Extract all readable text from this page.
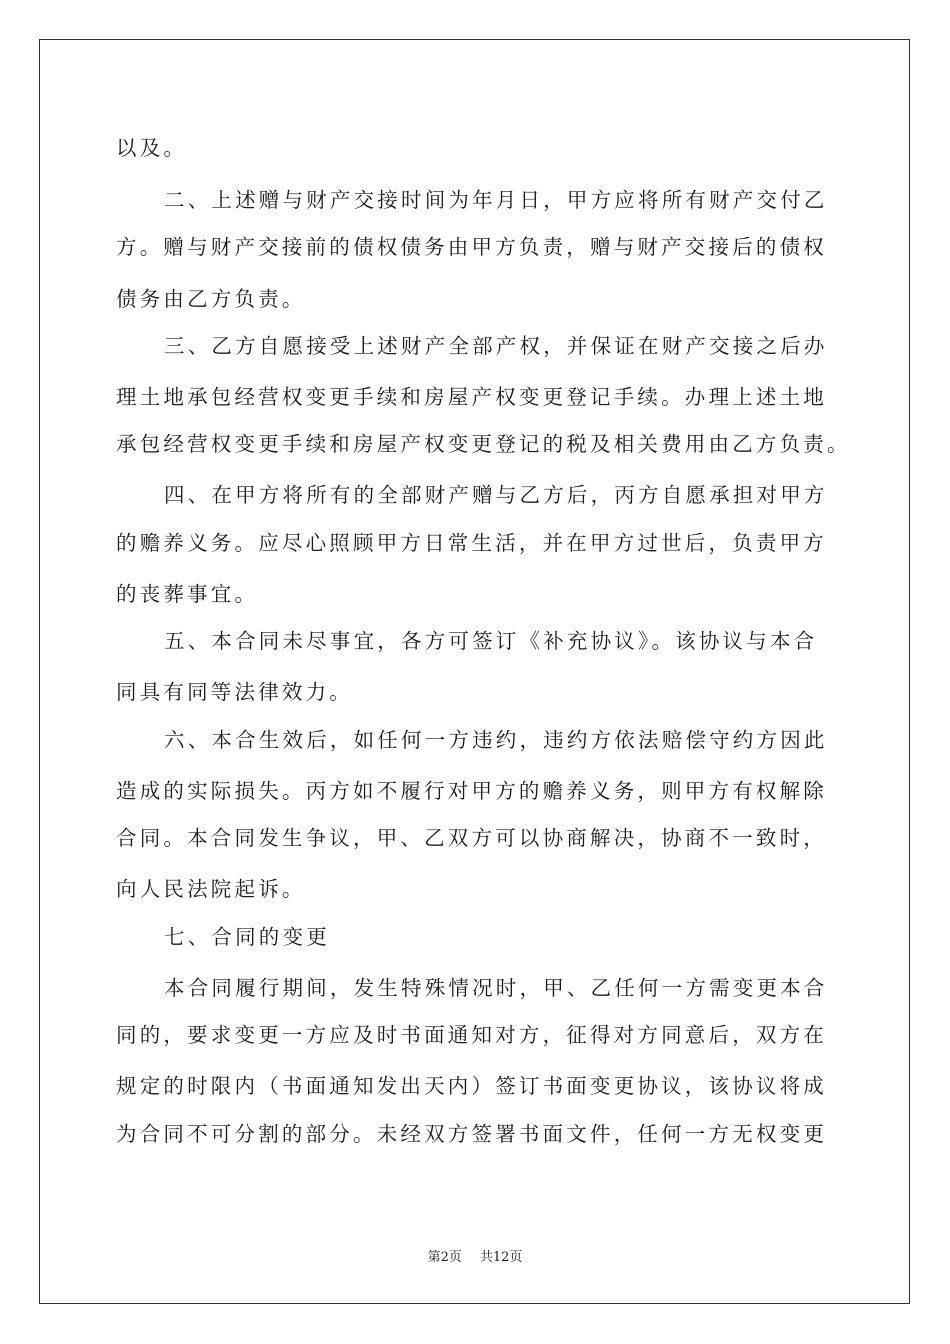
以及。
二、上述赠与财产交接时间为年月日，甲方应将所有财产交付乙
方。赠与财产交接前的债权债务由甲方负责，赠与财产交接后的债权
债务由乙方负责。
三、乙方自愿接受上述财产全部产权，并保证在财产交接之后办
理土地承包经营权变更手续和房屋产权变更登记手续。办理上述土地
承包经营权变更手续和房屋产权变更登记的税及相关费用由乙方负责。
四、在甲方将所有的全部财产赠与乙方后，丙方自愿承担对甲方
的赡养义务。应尽心照顾甲方日常生活，并在甲方过世后，负责甲方
的丧葬事宜。
五、本合同未尽事宜，各方可签订《补充协议》。该协议与本合
同具有同等法律效力。
六、本合生效后，如任何一方违约，违约方依法赔偿守约方因此
造成的实际损失。丙方如不履行对甲方的赡养义务，则甲方有权解除
合同。本合同发生争议，甲、乙双方可以协商解决，协商不一致时，
向人民法院起诉。
七、合同的变更
本合同履行期间，发生特殊情况时，甲、乙任何一方需变更本合
同的，要求变更一方应及时书面通知对方，征得对方同意后，双方在
规定的时限内（书面通知发出天内）签订书面变更协议，该协议将成
为合同不可分割的部分。未经双方签署书面文件，任何一方无权变更
第2页 共12页
